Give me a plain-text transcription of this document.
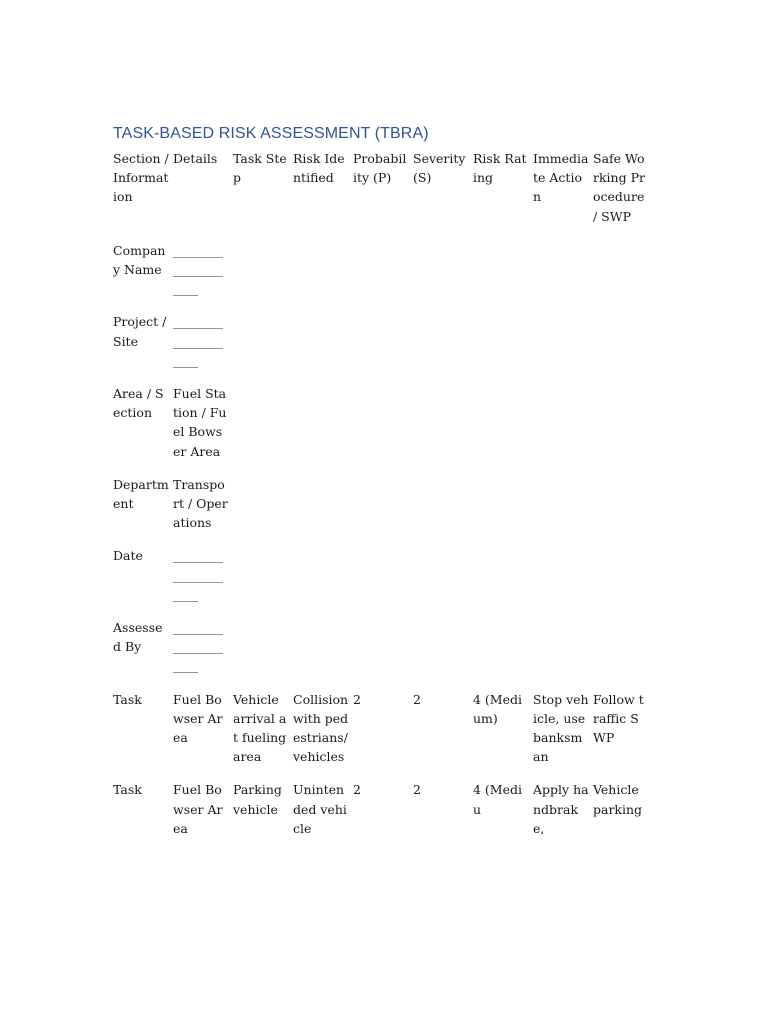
TASK-BASED RISK ASSESSMENT (TBRA)
Section / Information	Details	Task Step	Risk Identified	Probability (P)	Severity (S)	Risk Rating	Immediate Action	Safe Working Procedure / SWP
Company Name	____________________							

Project / Site	____________________							

Area / Section	Fuel Station / Fuel Bowser Area							
Department	Transport / Operations							
Date	____________________							

Assessed By	____________________							

Task	Fuel Bowser Area	Vehicle arrival at fueling area	Collision with pedestrians/vehicles	2	2	4 (Medium)	Stop vehicle, use banksman	Follow traffic SWP
Task	Fuel Bowser Area	Parking vehicle	Unintended vehicle	2	2	4 (Mediu	Apply handbrake,	Vehicle parking
